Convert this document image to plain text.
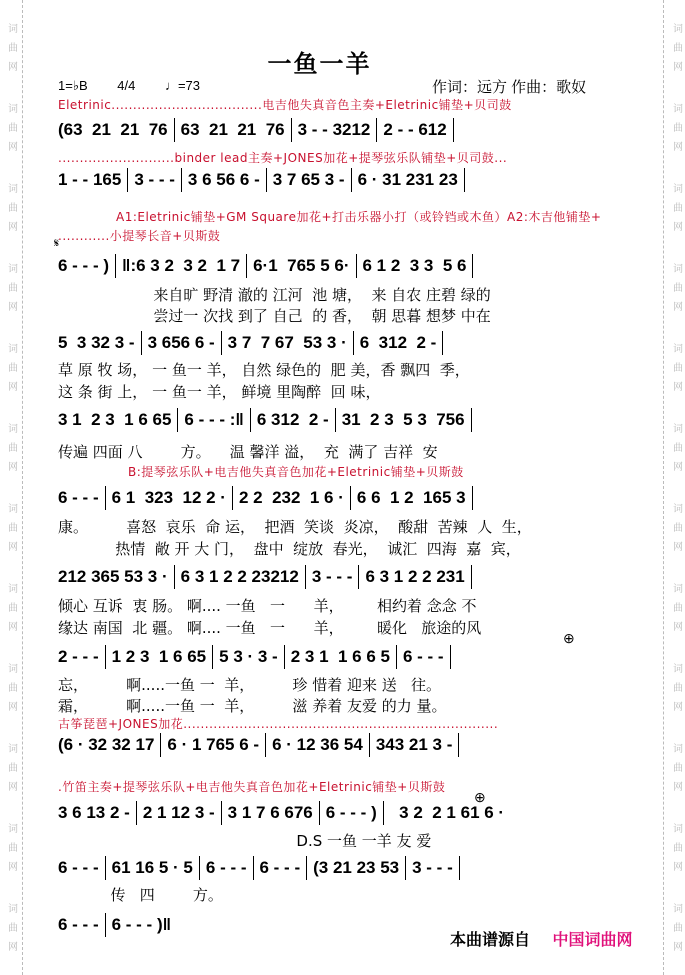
词曲网
词曲网
词曲网
词曲网
词曲网
词曲网
词曲网
词曲网
词曲网
词曲网
词曲网
词曲网
词曲网
词曲网
词曲网
词曲网
词曲网
词曲网
词曲网
词曲网
词曲网
词曲网
词曲网
词曲网
一鱼一羊
1=♭B 4/4 ♩=73	作词：远方 作曲：歌奴
Eletrinic...................................电吉他失真音色主奏+Eletrinic铺垫+贝司鼓
...........................binder lead主奏+JONES加花+提琴弦乐队铺垫+贝司鼓...
A1:Eletrinic铺垫+GM Square加花+打击乐器小打（或铃铛或木鱼）A2:木吉他铺垫+
............小提琴长音+贝斯鼓
B:提琴弦乐队+电吉他失真音色加花+Eletrinic铺垫+贝斯鼓
古筝琵琶+JONES加花.........................................................................
.竹笛主奏+提琴弦乐队+电吉他失真音色加花+Eletrinic铺垫+贝斯鼓
(63  21  21  76 63  21  21  76 3 - - 3212 2 - - 612
1 - - 165 3 - - - 3 6 56 6 - 3 7 65 3 - 6 · 31 231 23
6 - - - ) ‖:6 3 2  3 2  1 7 6·1  765 5 6· 6 1 2  3 3  5 6
5  3 32 3 - 3 656 6 - 3 7  7 67  53 3 · 6  312  2 -
3 1  2 3  1 6 65 6 - - - :‖ 6 312  2 - 31  2 3  5 3  756
6 - - - 6 1  323  12 2 · 2 2  232  1 6 · 6 6  1 2  165 3
212 365 53 3 · 6 3 1 2 2 23212 3 - - - 6 3 1 2 2 231
2 - - - 1 2 3  1 6 65 5 3 · 3 - 2 3 1  1 6 6 5 6 - - -
(6 · 32 32 17 6 · 1 765 6 - 6 · 12 36 54 343 21 3 -
3 6 13 2 - 2 1 12 3 - 3 1 7 6 676 6 - - - ) 3 2  2 1 61 6 ·
6 - - - 61 16 5 · 5 6 - - - 6 - - - (3 21 23 53 3 - - -
6 - - - 6 - - - )‖
来自旷 野清 澈的 江河  池 塘，  来 自农 庄碧 绿的
尝过一 次找 到了 自己  的 香，  朝 思暮 想梦 中在
草 原 牧 场， 一 鱼一 羊， 自然 绿色的  肥 美，香 飘四  季，
这 条 街 上， 一 鱼一 羊， 鲜境 里陶醉  回 味，
传遍 四面 八        方。    温 馨洋 溢，  充  满了 吉祥  安
康。        喜怒  哀乐  命 运，  把酒  笑谈  炎凉，  酸甜  苦辣  人  生，
热情  敞 开 大 门，  盘中  绽放  春光，  诚汇  四海  嘉  宾，
倾心 互诉  衷 肠。 啊.... 一鱼   一      羊，       相约着 念念 不
缘达 南国  北 疆。 啊.... 一鱼   一      羊，       暖化   旅途的风
忘，        啊.....一鱼 一  羊，        珍 惜着 迎来 送   往。
霜，        啊.....一鱼 一  羊，        滋 养着 友爱 的力 量。
D.S 一鱼 一羊 友 爱
传   四        方。
⊕
⊕
𝄋
本曲谱源自 中国词曲网
